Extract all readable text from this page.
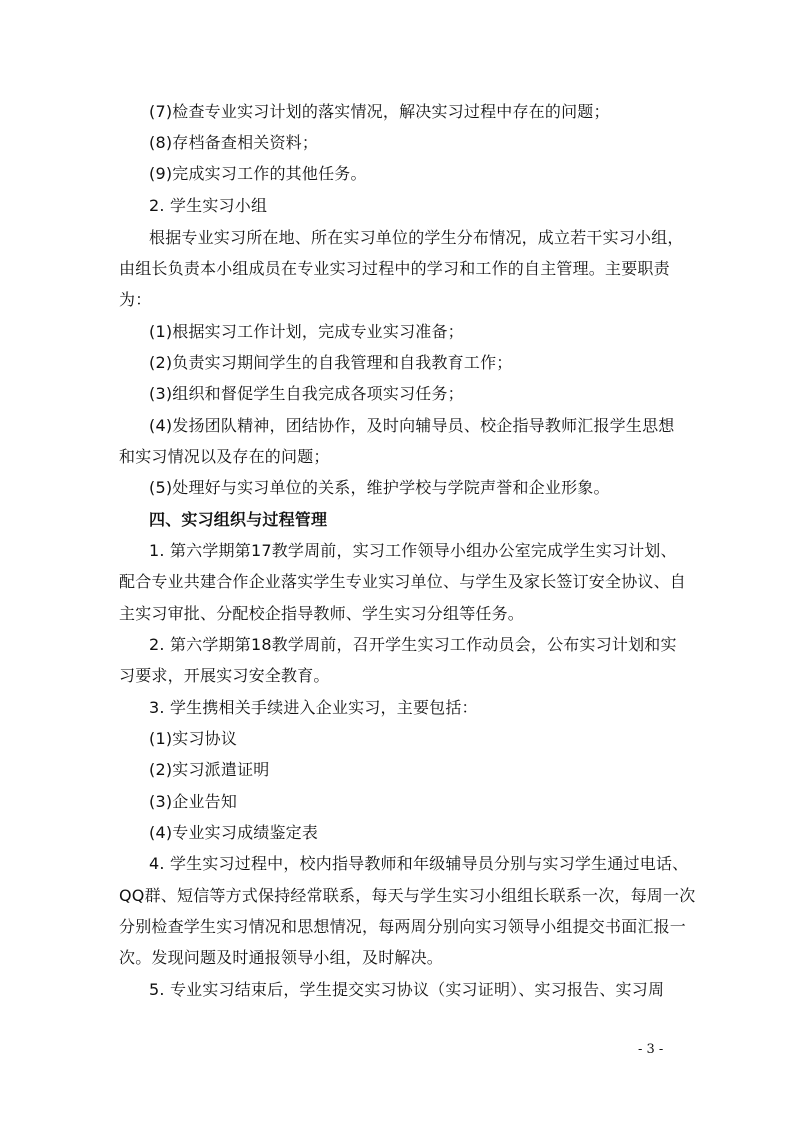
(7)检查专业实习计划的落实情况，解决实习过程中存在的问题；
(8)存档备查相关资料；
(9)完成实习工作的其他任务。
2. 学生实习小组
根据专业实习所在地、所在实习单位的学生分布情况，成立若干实习小组，
由组长负责本小组成员在专业实习过程中的学习和工作的自主管理。主要职责
为：
(1)根据实习工作计划，完成专业实习准备；
(2)负责实习期间学生的自我管理和自我教育工作；
(3)组织和督促学生自我完成各项实习任务；
(4)发扬团队精神，团结协作，及时向辅导员、校企指导教师汇报学生思想
和实习情况以及存在的问题；
(5)处理好与实习单位的关系，维护学校与学院声誉和企业形象。
四、实习组织与过程管理
1. 第六学期第17教学周前，实习工作领导小组办公室完成学生实习计划、
配合专业共建合作企业落实学生专业实习单位、与学生及家长签订安全协议、自
主实习审批、分配校企指导教师、学生实习分组等任务。
2. 第六学期第18教学周前，召开学生实习工作动员会，公布实习计划和实
习要求，开展实习安全教育。
3. 学生携相关手续进入企业实习，主要包括：
(1)实习协议
(2)实习派遣证明
(3)企业告知
(4)专业实习成绩鉴定表
4. 学生实习过程中，校内指导教师和年级辅导员分别与实习学生通过电话、
QQ群、短信等方式保持经常联系，每天与学生实习小组组长联系一次，每周一次
分别检查学生实习情况和思想情况，每两周分别向实习领导小组提交书面汇报一
次。发现问题及时通报领导小组，及时解决。
5. 专业实习结束后，学生提交实习协议（实习证明）、实习报告、实习周
- 3 -
